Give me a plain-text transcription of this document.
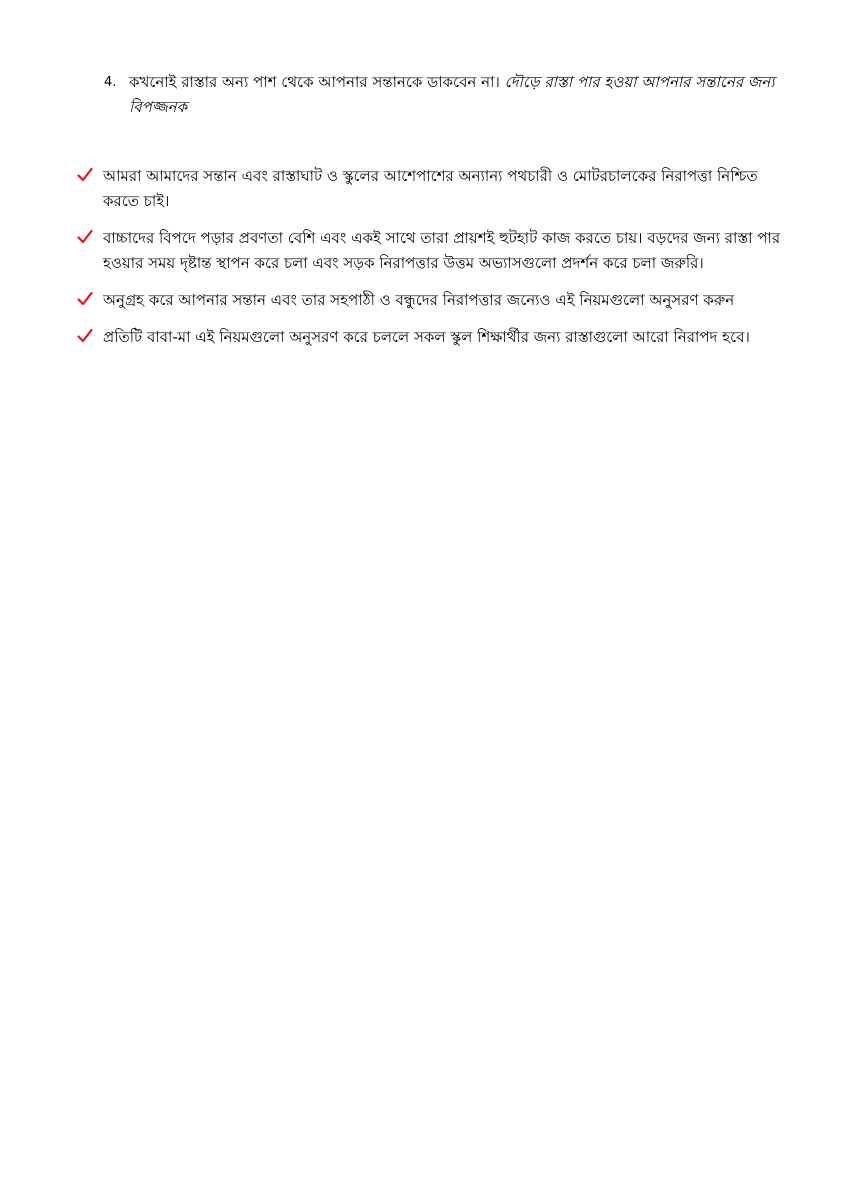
4. কখনোই রাস্তার অন্য পাশ থেকে আপনার সন্তানকে ডাকবেন না। দৌড়ে রাস্তা পার হওয়া আপনার সন্তানের জন্য বিপজ্জনক
আমরা আমাদের সন্তান এবং রাস্তাঘাট ও স্কুলের আশেপাশের অন্যান্য পথচারী ও মোটরচালকের নিরাপত্তা নিশ্চিত করতে চাই।
বাচ্চাদের বিপদে পড়ার প্রবণতা বেশি এবং একই সাথে তারা প্রায়শই হুটহাট কাজ করতে চায়। বড়দের জন্য রাস্তা পার হওয়ার সময় দৃষ্টান্ত স্থাপন করে চলা এবং সড়ক নিরাপত্তার উত্তম অভ্যাসগুলো প্রদর্শন করে চলা জরুরি।
অনুগ্রহ করে আপনার সন্তান এবং তার সহপাঠী ও বন্ধুদের নিরাপত্তার জন্যেও এই নিয়মগুলো অনুসরণ করুন
প্রতিটি বাবা-মা এই নিয়মগুলো অনুসরণ করে চললে সকল স্কুল শিক্ষার্থীর জন্য রাস্তাগুলো আরো নিরাপদ হবে।
